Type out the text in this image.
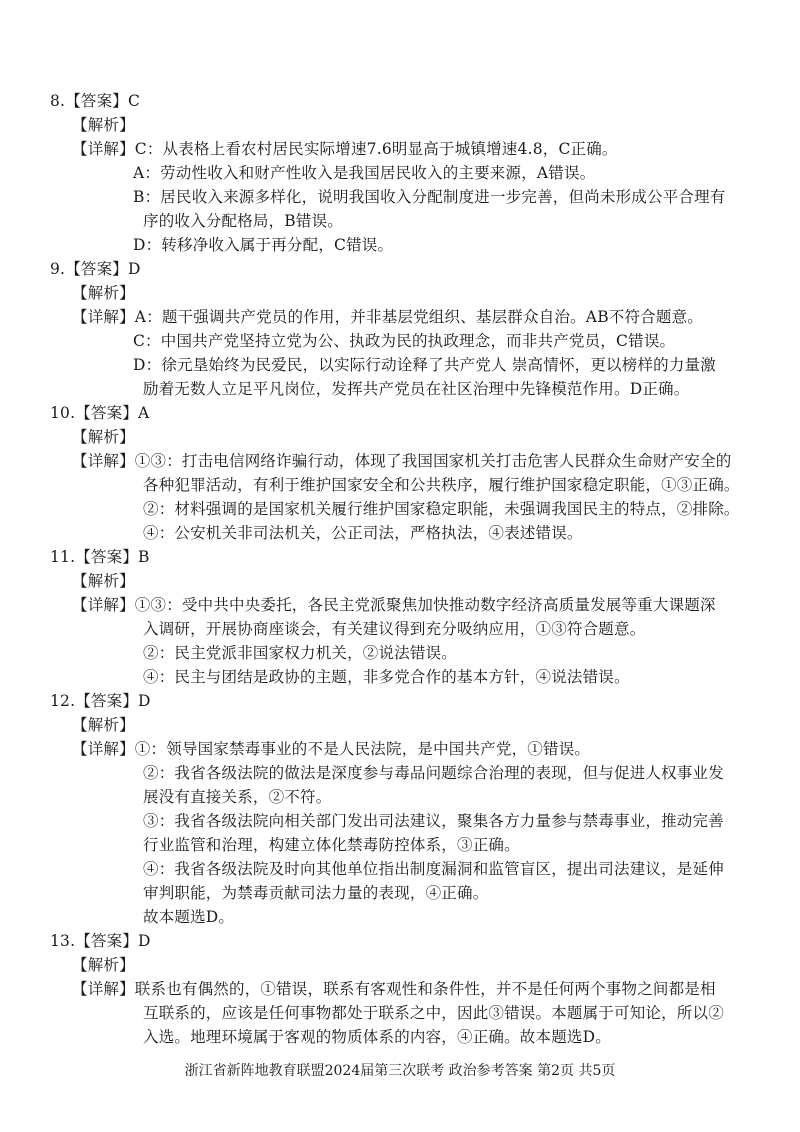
8.【答案】C
【解析】
【详解】C：从表格上看农村居民实际增速7.6明显高于城镇增速4.8，C正确。
A：劳动性收入和财产性收入是我国居民收入的主要来源，A错误。
B：居民收入来源多样化，说明我国收入分配制度进一步完善，但尚未形成公平合理有
序的收入分配格局，B错误。
D：转移净收入属于再分配，C错误。
9.【答案】D
【解析】
【详解】A：题干强调共产党员的作用，并非基层党组织、基层群众自治。AB不符合题意。
C：中国共产党坚持立党为公、执政为民的执政理念，而非共产党员，C错误。
D：徐元垦始终为民爱民，以实际行动诠释了共产党人 崇高情怀，更以榜样的力量激
励着无数人立足平凡岗位，发挥共产党员在社区治理中先锋模范作用。D正确。
10.【答案】A
【解析】
【详解】①③：打击电信网络诈骗行动，体现了我国国家机关打击危害人民群众生命财产安全的
各种犯罪活动，有利于维护国家安全和公共秩序，履行维护国家稳定职能，①③正确。
②：材料强调的是国家机关履行维护国家稳定职能，未强调我国民主的特点，②排除。
④：公安机关非司法机关，公正司法，严格执法，④表述错误。
11.【答案】B
【解析】
【详解】①③：受中共中央委托，各民主党派聚焦加快推动数字经济高质量发展等重大课题深
入调研，开展协商座谈会，有关建议得到充分吸纳应用，①③符合题意。
②：民主党派非国家权力机关，②说法错误。
④：民主与团结是政协的主题，非多党合作的基本方针，④说法错误。
12.【答案】D
【解析】
【详解】①：领导国家禁毒事业的不是人民法院，是中国共产党，①错误。
②：我省各级法院的做法是深度参与毒品问题综合治理的表现，但与促进人权事业发
展没有直接关系，②不符。
③：我省各级法院向相关部门发出司法建议，聚集各方力量参与禁毒事业，推动完善
行业监管和治理，构建立体化禁毒防控体系，③正确。
④：我省各级法院及时向其他单位指出制度漏洞和监管盲区，提出司法建议，是延伸
审判职能，为禁毒贡献司法力量的表现，④正确。
故本题选D。
13.【答案】D
【解析】
【详解】联系也有偶然的，①错误，联系有客观性和条件性，并不是任何两个事物之间都是相
互联系的，应该是任何事物都处于联系之中，因此③错误。本题属于可知论，所以②
入选。地理环境属于客观的物质体系的内容，④正确。故本题选D。
浙江省新阵地教育联盟2024届第三次联考 政治参考答案 第2页 共5页
